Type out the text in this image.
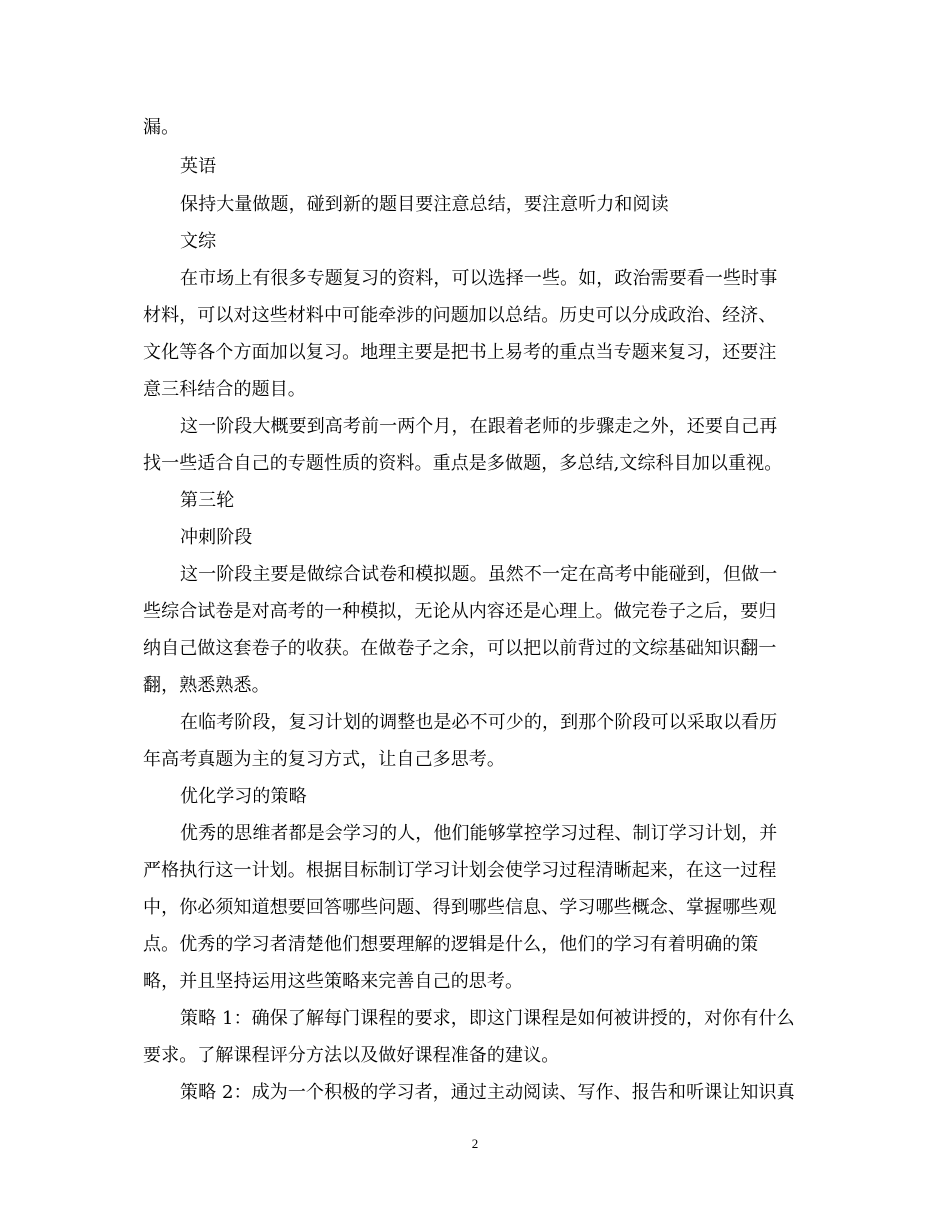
漏。
英语
保持大量做题，碰到新的题目要注意总结，要注意听力和阅读
文综
在市场上有很多专题复习的资料，可以选择一些。如，政治需要看一些时事
材料，可以对这些材料中可能牵涉的问题加以总结。历史可以分成政治、经济、
文化等各个方面加以复习。地理主要是把书上易考的重点当专题来复习，还要注
意三科结合的题目。
这一阶段大概要到高考前一两个月，在跟着老师的步骤走之外，还要自己再
找一些适合自己的专题性质的资料。重点是多做题，多总结,文综科目加以重视。
第三轮
冲刺阶段
这一阶段主要是做综合试卷和模拟题。虽然不一定在高考中能碰到，但做一
些综合试卷是对高考的一种模拟，无论从内容还是心理上。做完卷子之后，要归
纳自己做这套卷子的收获。在做卷子之余，可以把以前背过的文综基础知识翻一
翻，熟悉熟悉。
在临考阶段，复习计划的调整也是必不可少的，到那个阶段可以采取以看历
年高考真题为主的复习方式，让自己多思考。
优化学习的策略
优秀的思维者都是会学习的人，他们能够掌控学习过程、制订学习计划，并
严格执行这一计划。根据目标制订学习计划会使学习过程清晰起来，在这一过程
中，你必须知道想要回答哪些问题、得到哪些信息、学习哪些概念、掌握哪些观
点。优秀的学习者清楚他们想要理解的逻辑是什么，他们的学习有着明确的策
略，并且坚持运用这些策略来完善自己的思考。
策略 1：确保了解每门课程的要求，即这门课程是如何被讲授的，对你有什么
要求。了解课程评分方法以及做好课程准备的建议。
策略 2：成为一个积极的学习者，通过主动阅读、写作、报告和听课让知识真
2
